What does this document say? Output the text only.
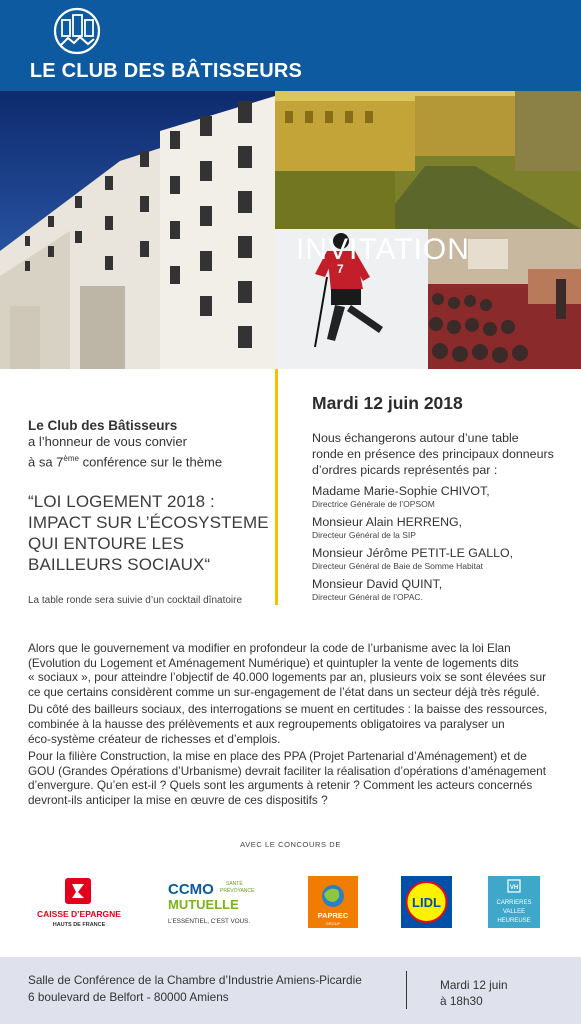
LE CLUB DES BÂTISSEURS
7
INVITATION
Le Club des Bâtisseurs
a l’honneur de vous convier
à sa 7ème conférence sur le thème
“LOI LOGEMENT 2018 :
IMPACT SUR L’ÉCOSYSTEME
QUI ENTOURE LES
BAILLEURS SOCIAUX“
La table ronde sera suivie d’un cocktail dînatoire
Mardi 12 juin 2018
Nous échangerons autour d’une table
ronde en présence des principaux donneurs
d’ordres picards représentés par :
Madame Marie-Sophie CHIVOT,
Directrice Générale de l’OPSOM
Monsieur Alain HERRENG,
Directeur Général de la SIP
Monsieur Jérôme PETIT-LE GALLO,
Directeur Général de Baie de Somme Habitat
Monsieur David QUINT,
Directeur Général de l’OPAC.

Alors que le gouvernement va modifier en profondeur la code de l’urbanisme avec la loi Elan
(Evolution du Logement et Aménagement Numérique) et quintupler la vente de logements dits
« sociaux », pour atteindre l’objectif de 40.000 logements par an, plusieurs voix se sont élevées sur
ce que certains considèrent comme un sur-engagement de l’état dans un secteur déjà très régulé.

Du côté des bailleurs sociaux, des interrogations se muent en certitudes : la baisse des ressources,
combinée à la hausse des prélèvements et aux regroupements obligatoires va paralyser un
éco-système créateur de richesses et d’emplois.

Pour la filière Construction, la mise en place des PPA (Projet Partenarial d’Aménagement) et de
GOU (Grandes Opérations d’Urbanisme) devrait faciliter la réalisation d’opérations d’aménagement
d’envergure. Qu’en est-il ? Quels sont les arguments à retenir ? Comment les acteurs concernés
devront-ils anticiper la mise en œuvre de ces dispositifs ?

AVEC LE CONCOURS DE
CAISSE D’EPARGNE
HAUTS DE FRANCE
CCMO SANTÉ
PRÉVOYANCE
MUTUELLE
L’ESSENTIEL, C’EST VOUS.
PAPREC
GROUP
LIDL
VH
CARRIERES
VALLEE
HEUREUSE
Salle de Conférence de la Chambre d’Industrie Amiens-Picardie
6 boulevard de Belfort - 80000 Amiens
Mardi 12 juin
à 18h30
